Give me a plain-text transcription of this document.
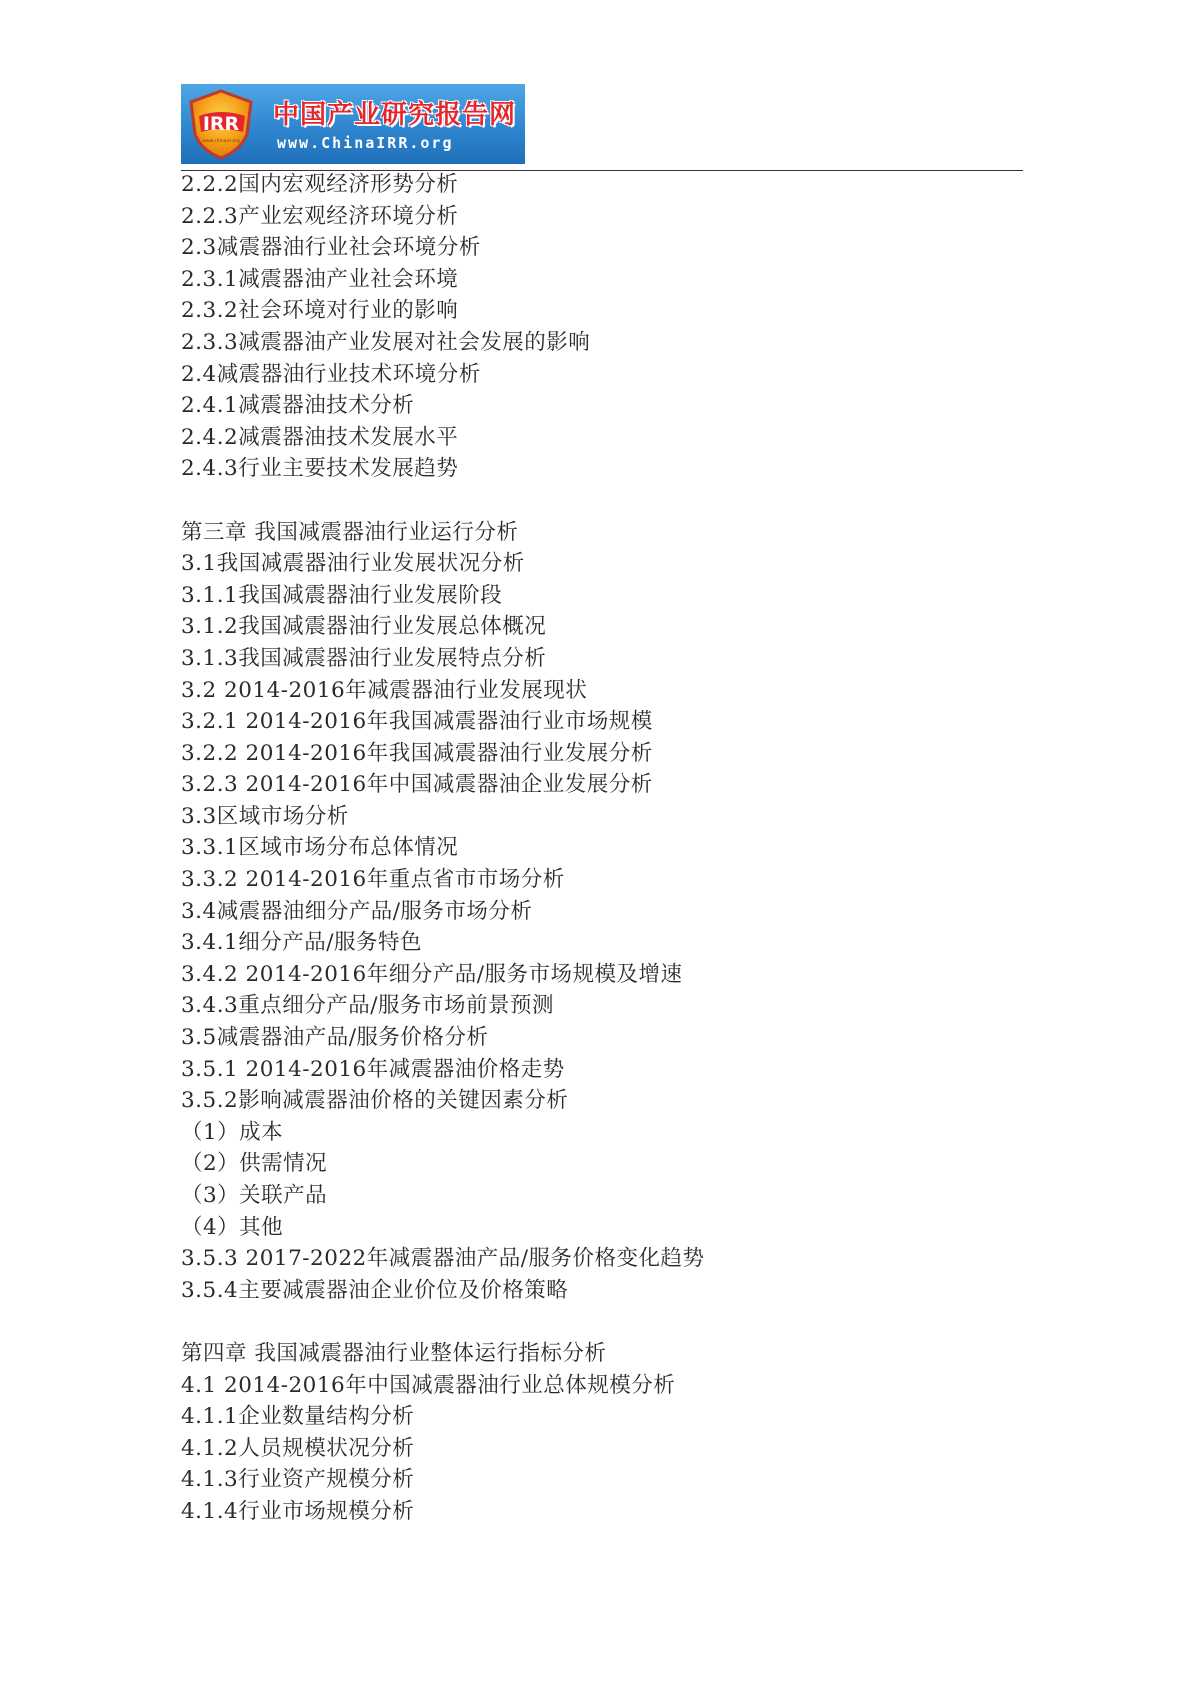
IRR
www.chinairr.org
中国产业研究报告网
www.ChinaIRR.org
2.2.2国内宏观经济形势分析
2.2.3产业宏观经济环境分析
2.3减震器油行业社会环境分析
2.3.1减震器油产业社会环境
2.3.2社会环境对行业的影响
2.3.3减震器油产业发展对社会发展的影响
2.4减震器油行业技术环境分析
2.4.1减震器油技术分析
2.4.2减震器油技术发展水平
2.4.3行业主要技术发展趋势
第三章 我国减震器油行业运行分析
3.1我国减震器油行业发展状况分析
3.1.1我国减震器油行业发展阶段
3.1.2我国减震器油行业发展总体概况
3.1.3我国减震器油行业发展特点分析
3.2 2014-2016年减震器油行业发展现状
3.2.1 2014-2016年我国减震器油行业市场规模
3.2.2 2014-2016年我国减震器油行业发展分析
3.2.3 2014-2016年中国减震器油企业发展分析
3.3区域市场分析
3.3.1区域市场分布总体情况
3.3.2 2014-2016年重点省市市场分析
3.4减震器油细分产品/服务市场分析
3.4.1细分产品/服务特色
3.4.2 2014-2016年细分产品/服务市场规模及增速
3.4.3重点细分产品/服务市场前景预测
3.5减震器油产品/服务价格分析
3.5.1 2014-2016年减震器油价格走势
3.5.2影响减震器油价格的关键因素分析
（1）成本
（2）供需情况
（3）关联产品
（4）其他
3.5.3 2017-2022年减震器油产品/服务价格变化趋势
3.5.4主要减震器油企业价位及价格策略
第四章 我国减震器油行业整体运行指标分析
4.1 2014-2016年中国减震器油行业总体规模分析
4.1.1企业数量结构分析
4.1.2人员规模状况分析
4.1.3行业资产规模分析
4.1.4行业市场规模分析
